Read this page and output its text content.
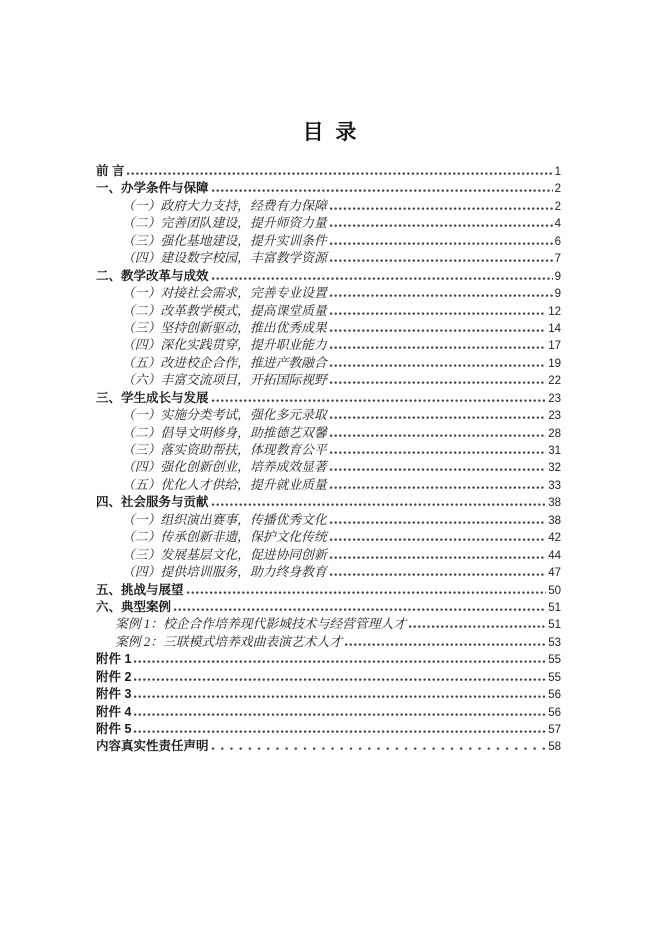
目 录
前 言	1
一、办学条件与保障	2
（一）政府大力支持，经费有力保障	2
（二）完善团队建设，提升师资力量	4
（三）强化基地建设，提升实训条件	6
（四）建设数字校园，丰富教学资源	7
二、教学改革与成效	9
（一）对接社会需求，完善专业设置	9
（二）改革教学模式，提高课堂质量	12
（三）坚持创新驱动，推出优秀成果	14
（四）深化实践贯穿，提升职业能力	17
（五）改进校企合作，推进产教融合	19
（六）丰富交流项目，开拓国际视野	22
三、学生成长与发展	23
（一）实施分类考试，强化多元录取	23
（二）倡导文明修身，助推德艺双馨	28
（三）落实资助帮扶，体现教育公平	31
（四）强化创新创业，培养成效显著	32
（五）优化人才供给，提升就业质量	33
四、社会服务与贡献	38
（一）组织演出赛事，传播优秀文化	38
（二）传承创新非遗，保护文化传统	42
（三）发展基层文化，促进协同创新	44
（四）提供培训服务，助力终身教育	47
五、挑战与展望	50
六、典型案例	51
案例 1：校企合作培养现代影城技术与经营管理人才	51
案例 2：三联模式培养戏曲表演艺术人才	53
附件 1	55
附件 2	55
附件 3	56
附件 4	56
附件 5	57
内容真实性责任声明	58
